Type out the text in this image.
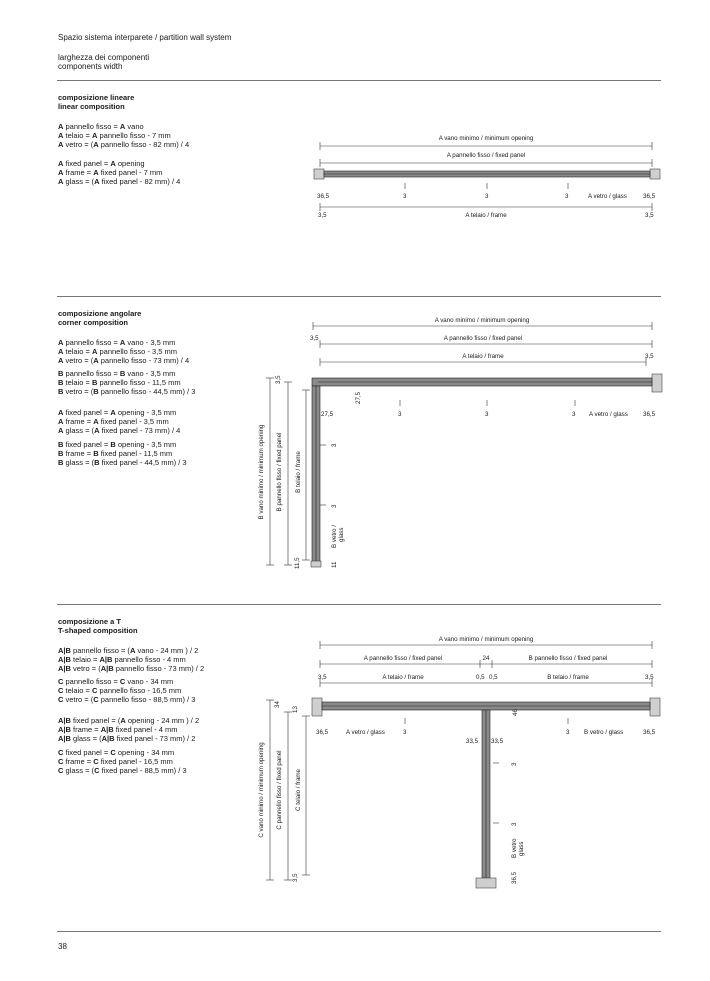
Spazio sistema interparete / partition wall system
larghezza dei componenti
components width
composizione lineare
linear composition
A pannello fisso = A vano
A telaio = A pannello fisso - 7 mm
A vetro = (A pannello fisso - 82 mm) / 4
A fixed panel = A opening
A frame = A fixed panel - 7 mm
A glass = (A fixed panel - 82 mm) / 4
A vano minimo / minimum opening
A pannello fisso / fixed panel
36,5	3	3	3	A vetro / glass	36,5
3,5	A telaio / frame	3,5
A vano minimo / minimum opening
3,5	A pannello fisso / fixed panel
A telaio / frame	3,5
27,5	3	3	3 A vetro / glass 36,5
27,5
3,5
B vano minimo / minimum opening B pannello fisso / fixed panel B telaio / frame
3
3
B vetro / glass
11,5	11
A vano minimo / minimum opening
A pannello fisso / fixed panel	24	B pannello fisso / fixed panel
3,5	A telaio / frame	0,5 0,5	B telaio / frame	3,5
36,5	A vetro / glass	3
33,5 33,5
3 B vetro / glass	36,5
46
34
13
C vano minimo / minimum opening C pannello fisso / fixed panel C telaio / frame
3
3
B vetro glass
3,5	36,5
composizione angolare
corner composition
A pannello fisso = A vano - 3,5 mm
A telaio = A pannello fisso - 3,5 mm
A vetro = (A pannello fisso - 73 mm) / 4
B pannello fisso = B vano - 3,5 mm
B telaio = B pannello fisso - 11,5 mm
B vetro = (B pannello fisso - 44,5 mm) / 3
A fixed panel = A opening - 3,5 mm
A frame = A fixed panel - 3,5 mm
A glass = (A fixed panel - 73 mm) / 4
B fixed panel = B opening - 3,5 mm
B frame = B fixed panel - 11,5 mm
B glass = (B fixed panel - 44,5 mm) / 3
composizione a T
T-shaped composition
A|B pannello fisso = (A vano - 24 mm ) / 2
A|B telaio = A|B pannello fisso - 4 mm
A|B vetro = (A|B pannello fisso - 73 mm) / 2
C pannello fisso = C vano - 34 mm
C telaio = C pannello fisso - 16,5 mm
C vetro = (C pannello fisso - 88,5 mm) / 3
A|B fixed panel = (A opening - 24 mm ) / 2
A|B frame = A|B fixed panel - 4 mm
A|B glass = (A|B fixed panel - 73 mm) / 2
C fixed panel = C opening - 34 mm
C frame = C fixed panel - 16,5 mm
C glass = (C fixed panel - 88,5 mm) / 3
38
